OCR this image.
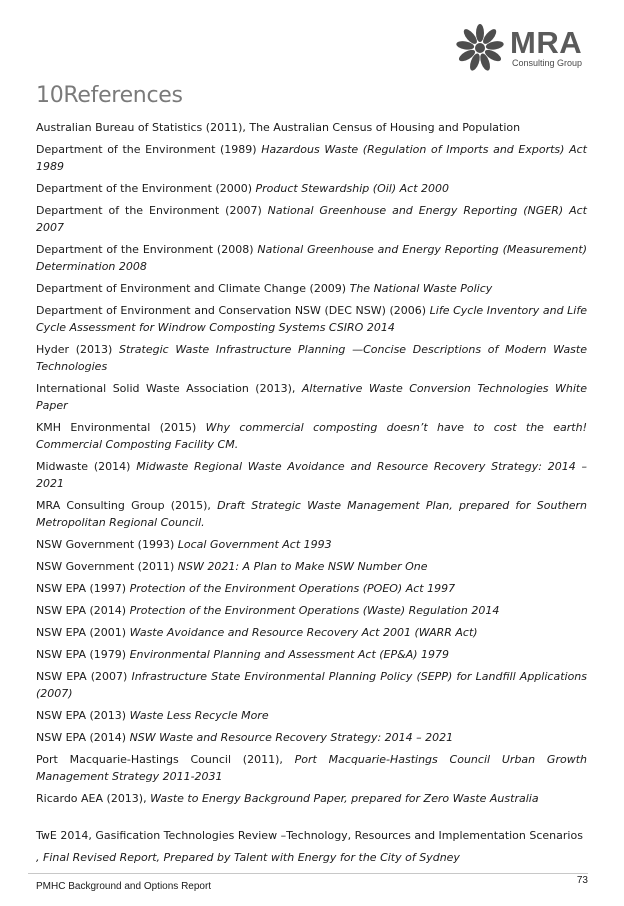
MRA
Consulting Group
10References

Australian Bureau of Statistics (2011), The Australian Census of Housing and Population

Department of the Environment (1989) Hazardous Waste (Regulation of Imports and Exports) Act 1989

Department of the Environment (2000) Product Stewardship (Oil) Act 2000

Department of the Environment (2007) National Greenhouse and Energy Reporting (NGER) Act 2007

Department of the Environment (2008) National Greenhouse and Energy Reporting (Measurement) Determination 2008

Department of Environment and Climate Change (2009) The National Waste Policy

Department of Environment and Conservation NSW (DEC NSW) (2006) Life Cycle Inventory and Life Cycle Assessment for Windrow Composting Systems CSIRO 2014

Hyder (2013) Strategic Waste Infrastructure Planning —Concise Descriptions of Modern Waste Technologies

International Solid Waste Association (2013), Alternative Waste Conversion Technologies White Paper

KMH Environmental (2015) Why commercial composting doesn’t have to cost the earth! Commercial Composting Facility CM.

Midwaste (2014) Midwaste Regional Waste Avoidance and Resource Recovery Strategy: 2014 – 2021

MRA Consulting Group (2015), Draft Strategic Waste Management Plan, prepared for Southern Metropolitan Regional Council.

NSW Government (1993) Local Government Act 1993

NSW Government (2011) NSW 2021: A Plan to Make NSW Number One

NSW EPA (1997) Protection of the Environment Operations (POEO) Act 1997

NSW EPA (2014) Protection of the Environment Operations (Waste) Regulation 2014

NSW EPA (2001) Waste Avoidance and Resource Recovery Act 2001 (WARR Act)

NSW EPA (1979) Environmental Planning and Assessment Act (EP&A) 1979

NSW EPA (2007) Infrastructure State Environmental Planning Policy (SEPP) for Landfill Applications (2007)

NSW EPA (2013) Waste Less Recycle More

NSW EPA (2014) NSW Waste and Resource Recovery Strategy: 2014 – 2021

Port Macquarie-Hastings Council (2011), Port Macquarie-Hastings Council Urban Growth Management Strategy 2011-2031

Ricardo AEA (2013), Waste to Energy Background Paper, prepared for Zero Waste Australia

TwE 2014, Gasification Technologies Review –Technology, Resources and Implementation Scenarios

, Final Revised Report, Prepared by Talent with Energy for the City of Sydney

PMHC Background and Options Report
73
